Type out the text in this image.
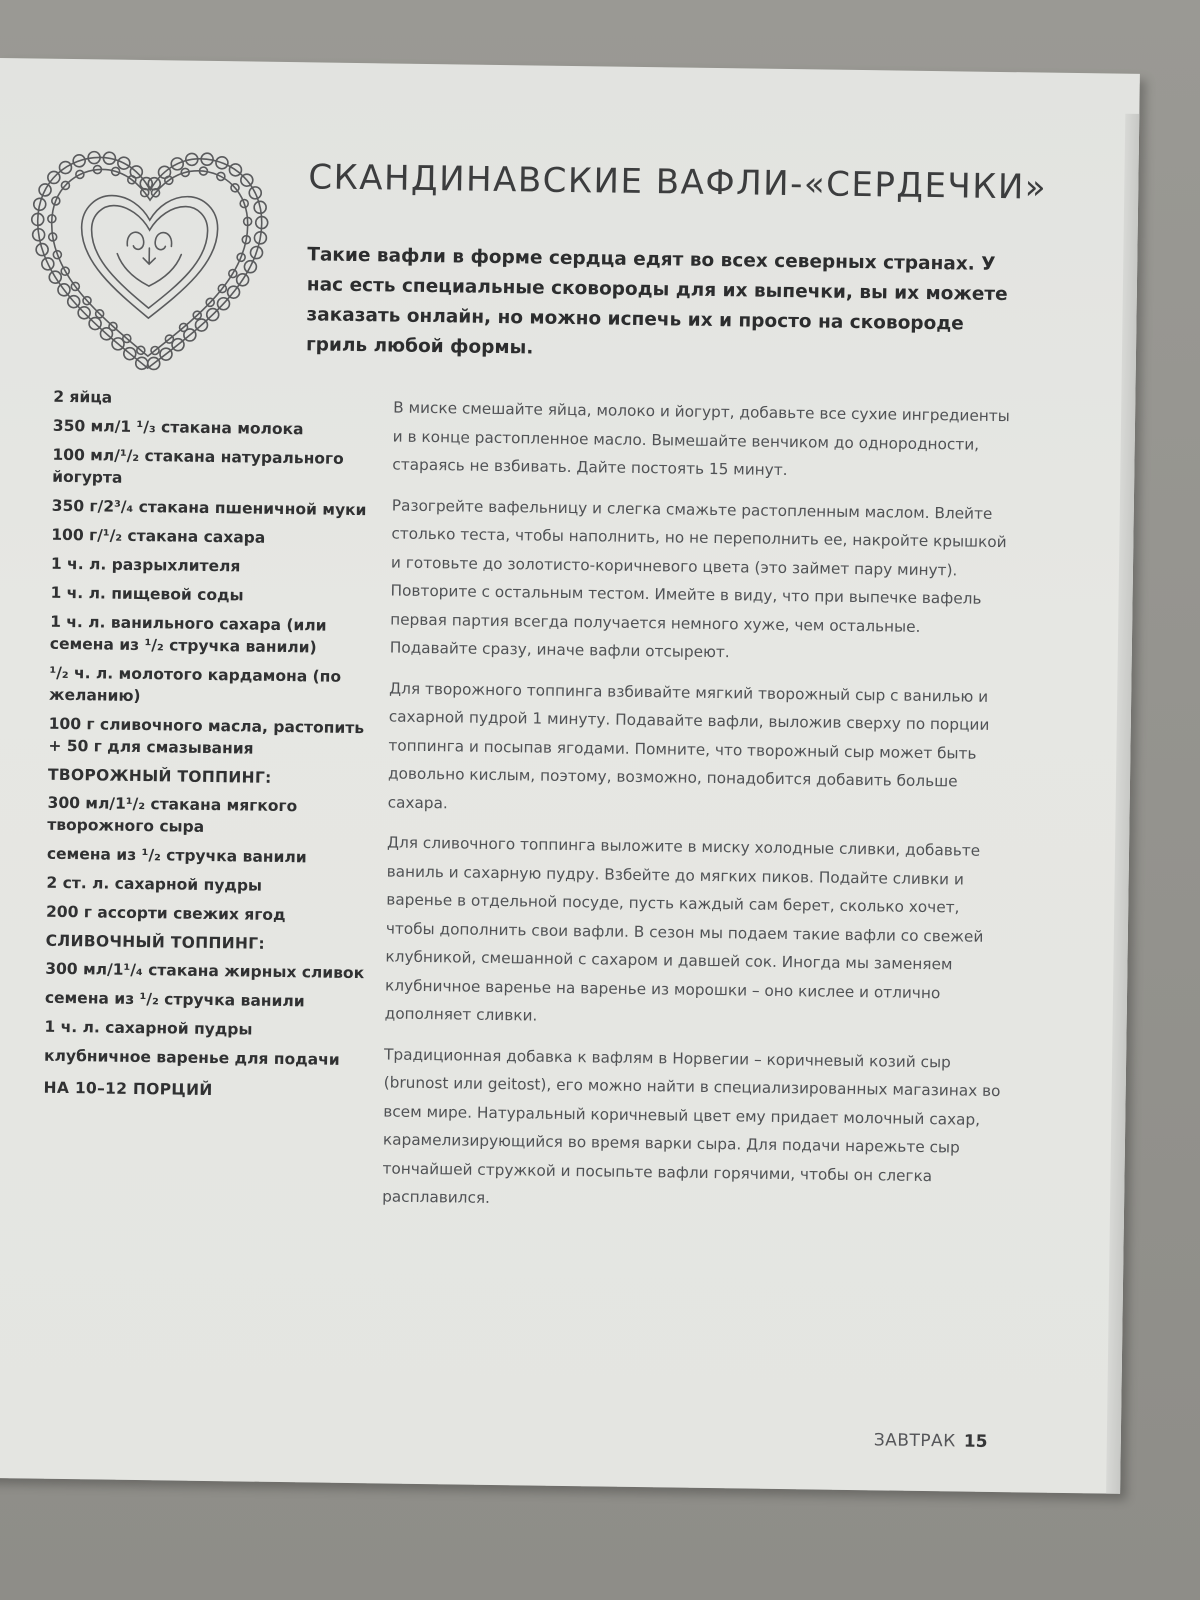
СКАНДИНАВСКИЕ ВАФЛИ-«СЕРДЕЧКИ»

Такие вафли в форме сердца едят во всех северных странах. У нас есть специальные сковороды для их выпечки, вы их можете заказать онлайн, но можно испечь их и просто на сковороде гриль любой формы.

2 яйца
350 мл/1 ¹/₃ стакана молока
100 мл/¹/₂ стакана натурального йогурта
350 г/2³/₄ стакана пшеничной муки
100 г/¹/₂ стакана сахара
1 ч. л. разрыхлителя
1 ч. л. пищевой соды
1 ч. л. ванильного сахара (или семена из ¹/₂ стручка ванили)
¹/₂ ч. л. молотого кардамона (по желанию)
100 г сливочного масла, растопить + 50 г для смазывания
ТВОРОЖНЫЙ ТОППИНГ:
300 мл/1¹/₂ стакана мягкого творожного сыра
семена из ¹/₂ стручка ванили
2 ст. л. сахарной пудры
200 г ассорти свежих ягод
СЛИВОЧНЫЙ ТОППИНГ:
300 мл/1¹/₄ стакана жирных сливок
семена из ¹/₂ стручка ванили
1 ч. л. сахарной пудры
клубничное варенье для подачи
НА 10–12 ПОРЦИЙ

В миске смешайте яйца, молоко и йогурт, добавьте все сухие ингредиенты и в конце растопленное масло. Вымешайте венчиком до однородности, стараясь не взбивать. Дайте постоять 15 минут.

Разогрейте вафельницу и слегка смажьте растопленным маслом. Влейте столько теста, чтобы наполнить, но не переполнить ее, накройте крышкой и готовьте до золотисто-коричневого цвета (это займет пару минут). Повторите с остальным тестом. Имейте в виду, что при выпечке вафель первая партия всегда получается немного хуже, чем остальные. Подавайте сразу, иначе вафли отсыреют.

Для творожного топпинга взбивайте мягкий творожный сыр с ванилью и сахарной пудрой 1 минуту. Подавайте вафли, выложив сверху по порции топпинга и посыпав ягодами. Помните, что творожный сыр может быть довольно кислым, поэтому, возможно, понадобится добавить больше сахара.

Для сливочного топпинга выложите в миску холодные сливки, добавьте ваниль и сахарную пудру. Взбейте до мягких пиков. Подайте сливки и варенье в отдельной посуде, пусть каждый сам берет, сколько хочет, чтобы дополнить свои вафли. В сезон мы подаем такие вафли со свежей клубникой, смешанной с сахаром и давшей сок. Иногда мы заменяем клубничное варенье на варенье из морошки – оно кислее и отлично дополняет сливки.

Традиционная добавка к вафлям в Норвегии – коричневый козий сыр (brunost или geitost), его можно найти в специализированных магазинах во всем мире. Натуральный коричневый цвет ему придает молочный сахар, карамелизирующийся во время варки сыра. Для подачи нарежьте сыр тончайшей стружкой и посыпьте вафли горячими, чтобы он слегка расплавился.

ЗАВТРАК 15
